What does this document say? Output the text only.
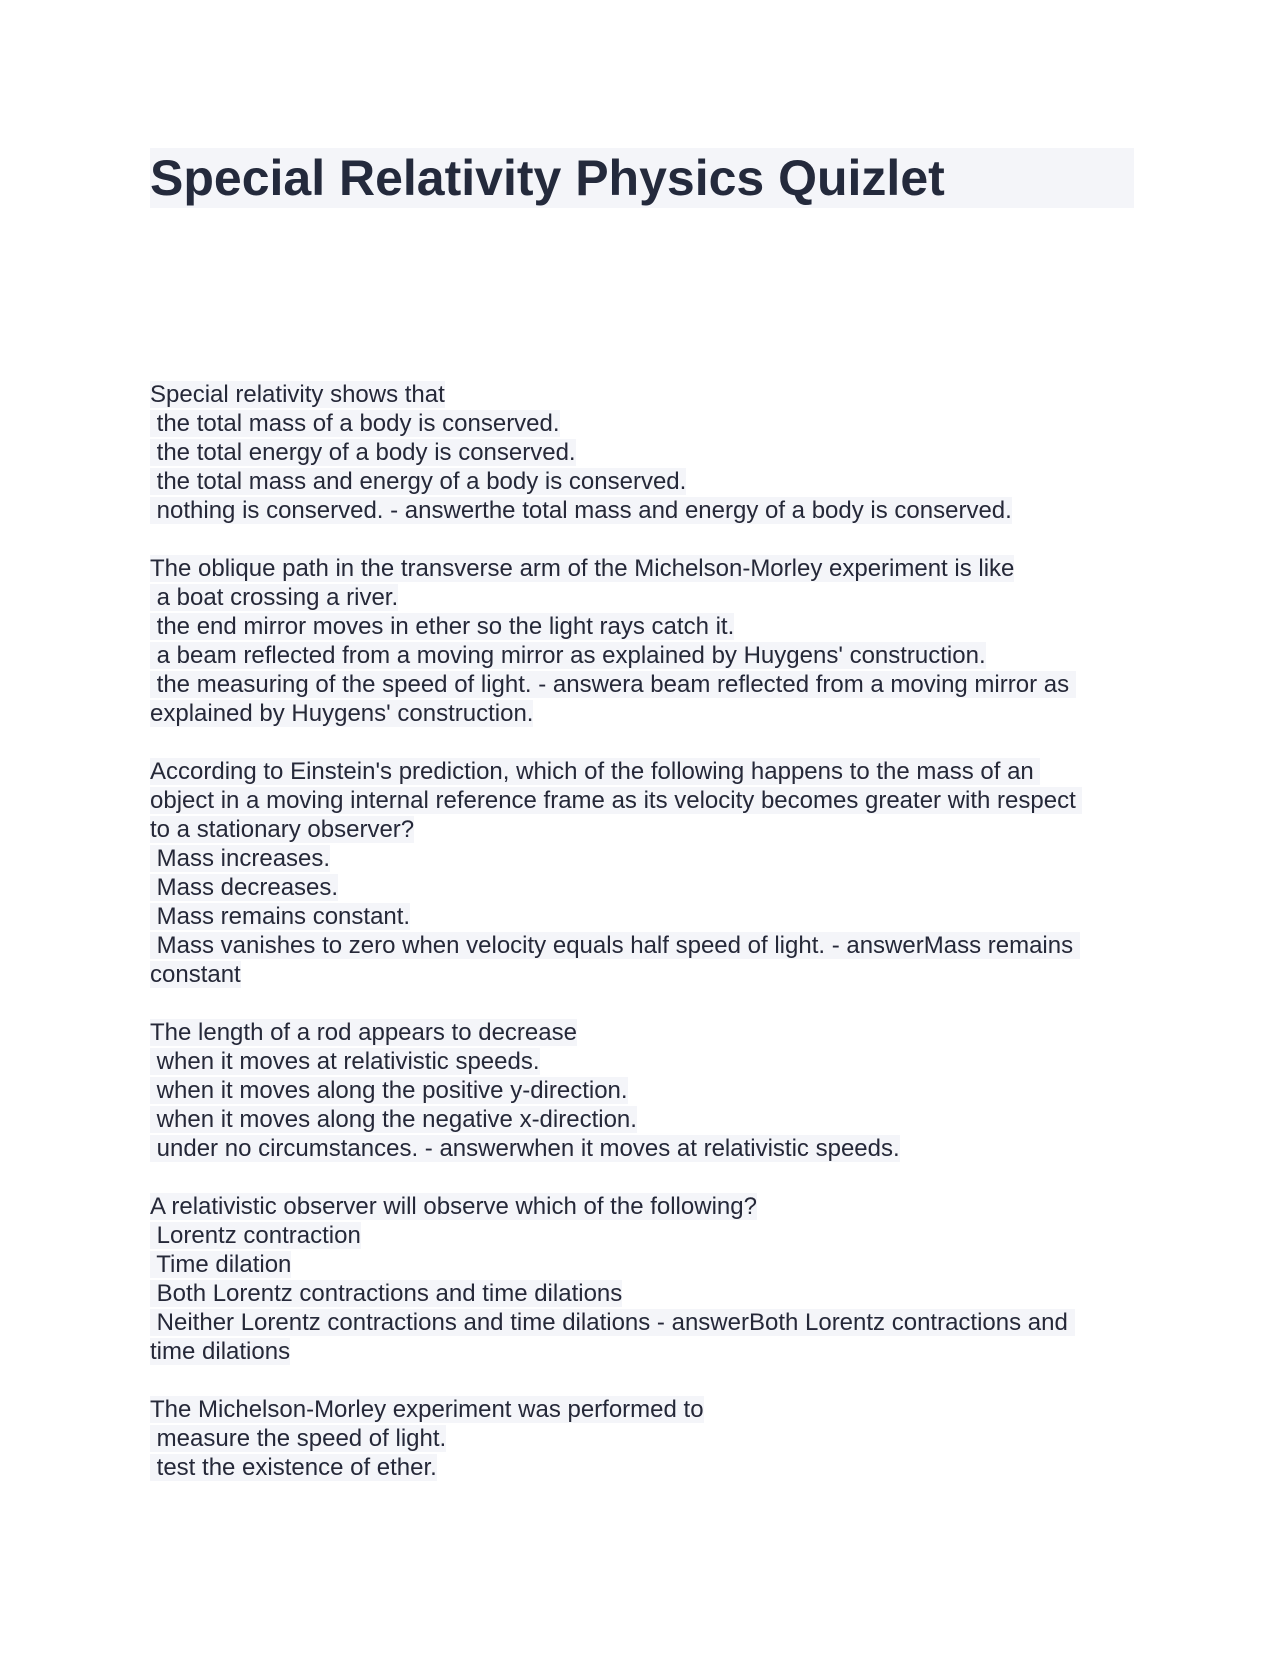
Special Relativity Physics Quizlet
Special relativity shows that
the total mass of a body is conserved.
the total energy of a body is conserved.
the total mass and energy of a body is conserved.
nothing is conserved. - answerthe total mass and energy of a body is conserved.
The oblique path in the transverse arm of the Michelson-Morley experiment is like
a boat crossing a river.
the end mirror moves in ether so the light rays catch it.
a beam reflected from a moving mirror as explained by Huygens' construction.
the measuring of the speed of light. - answera beam reflected from a moving mirror as
explained by Huygens' construction.
According to Einstein's prediction, which of the following happens to the mass of an
object in a moving internal reference frame as its velocity becomes greater with respect
to a stationary observer?
Mass increases.
Mass decreases.
Mass remains constant.
Mass vanishes to zero when velocity equals half speed of light. - answerMass remains
constant
The length of a rod appears to decrease
when it moves at relativistic speeds.
when it moves along the positive y-direction.
when it moves along the negative x-direction.
under no circumstances. - answerwhen it moves at relativistic speeds.
A relativistic observer will observe which of the following?
Lorentz contraction
Time dilation
Both Lorentz contractions and time dilations
Neither Lorentz contractions and time dilations - answerBoth Lorentz contractions and
time dilations
The Michelson-Morley experiment was performed to
measure the speed of light.
test the existence of ether.
